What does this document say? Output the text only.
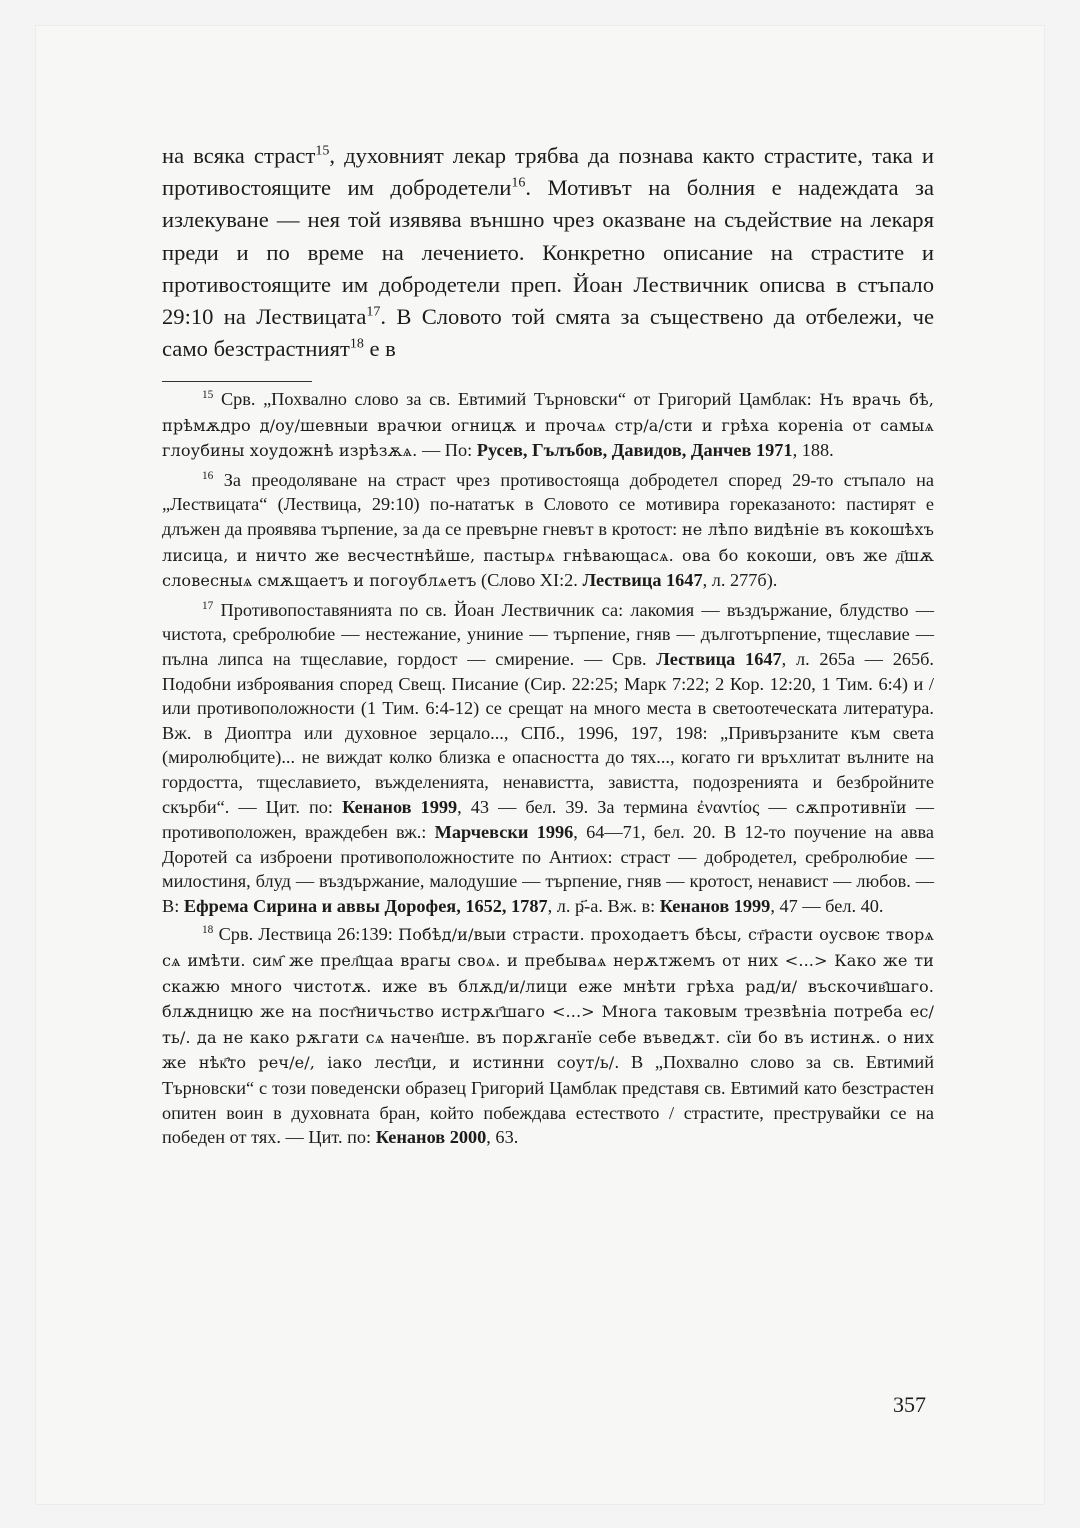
на всяка страст$^{15}$, духовният лекар трябва да познава както страстите, така и противостоящите им добродетели$^{16}$. Мотивът на болния е надеждата за излекуване — нея той изявява външно чрез оказване на съдействие на лекаря преди и по време на лечението. Конкретно описание на страстите и противостоящите им добродетели преп. Йоан Лествичник описва в стъпало 29:10 на Лествицата$^{17}$. В Словото той смята за съществено да отбележи, че само безстрастният$^{18}$ е в

$^{15}$ Срв. „Похвално слово за св. Евтимий Търновски“ от Григорий Цамблак: Нъ врачь бѣ, прѣмѫдро д/оу/шевныи врачюи огницѫ и прочаѧ стр/а/сти и грѣха кореніа от самыѧ глоубины хоудожнѣ изрѣзѫѧ. — По: Русев, Гълъбов, Давидов, Данчев 1971, 188.

$^{16}$ За преодоляване на страст чрез противостояща добродетел според 29-то стъпало на „Лествицата“ (Лествица, 29:10) по-нататък в Словото се мотивира гореказаното: пастирят е длъжен да проявява търпение, за да се превърне гневът в кротост: не лѣпо видѣніе въ кокошѣхъ лисица, и ничто же весчестнѣйше, пастырѧ гнѣвающасѧ. ова бо кокоши, овъ же д҃шѫ словесныѧ смѫщаетъ и погоублѧетъ (Слово XI:2. Лествица 1647, л. 277б).

$^{17}$ Противопоставянията по св. Йоан Лествичник са: лакомия — въздържание, блудство — чистота, сребролюбие — нестежание, униние — търпение, гняв — дълготърпение, тщеславие — пълна липса на тщеславие, гордост — смирение. — Срв. Лествица 1647, л. 265а — 265б. Подобни изброявания според Свещ. Писание (Сир. 22:25; Марк 7:22; 2 Кор. 12:20, 1 Тим. 6:4) и / или противоположности (1 Тим. 6:4-12) се срещат на много места в светоотеческата литература. Вж. в Диоптра или духовное зерцало..., СПб., 1996, 197, 198: „Привързаните към света (миролюбците)... не виждат колко близка е опасността до тях..., когато ги връхлитат вълните на гордостта, тщеславието, въжделенията, ненавистта, завистта, подозренията и безбройните скърби“. — Цит. по: Кенанов 1999, 43 — бел. 39. За термина ἐναντίος — сѫпротивнїи — противоположен, враждебен вж.: Марчевски 1996, 64—71, бел. 20. В 12-то поучение на авва Доротей са изброени противоположностите по Антиох: страст — добродетел, сребролюбие — милостиня, блуд — въздържание, малодушие — търпение, гняв — кротост, ненавист — любов. —В: Ефрема Сирина и аввы Дорофея, 1652, 1787, л. ҏ҃-а. Вж. в: Кенанов 1999, 47 — бел. 40.

$^{18}$ Срв. Лествица 26:139: Побѣд/и/выи страсти. проходаетъ бѣсы, ст҃расти оусвоѥ творѧ сѧ имѣти. сим҄ же прел҄щаа врагы своѧ. и пребываѧ нерѫтжемъ от них <...> Како же ти скажю много чистотѫ. иже въ блѫд/и/лици еже мнѣти грѣха рад/и/ въскочив҄шаго. блѫдницю же на пост҄ничьство истрѫг҄шаго <...> Многа таковым трезвѣніа потреба ес/ть/. да не како рѫгати сѧ начен҄ше. въ порѫганїе себе въведѫт. сїи бо въ истинѫ. о них же нѣк҄то реч/е/, іако лест҄ци, и истинни соут/ь/. В „Похвално слово за св. Евтимий Търновски“ с този поведенски образец Григорий Цамблак представя св. Евтимий като безстрастен опитен воин в духовната бран, който побеждава естеството / страстите, преструвайки се на победен от тях. — Цит. по: Кенанов 2000, 63.

357
